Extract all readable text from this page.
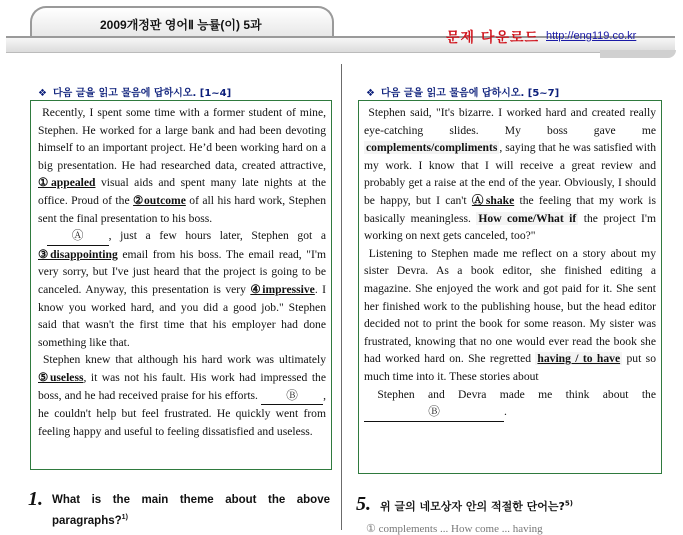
2009개정판 영어Ⅱ 능률(이) 5과
문제 다운로드 http://eng119.co.kr
❖ 다음 글을 읽고 물음에 답하시오. [1~4]

Recently, I spent some time with a former student of mine, Stephen. He worked for a large bank and had been devoting himself to an important project. He’d been working hard on a big presentation. He had researched data, created attractive, ①appealed visual aids and spent many late nights at the office. Proud of the ②outcome of all his hard work, Stephen sent the final presentation to his boss.
Ⓐ , just a few hours later, Stephen got a ③disappointing email from his boss. The email read, "I'm very sorry, but I've just heard that the project is going to be canceled. Anyway, this presentation is very ④impressive. I know you worked hard, and you did a good job." Stephen said that wasn't the first time that his employer had done something like that.
Stephen knew that although his hard work was ultimately ⑤useless, it was not his fault. His work had impressed the boss, and he had received praise for his efforts. Ⓑ , he couldn't help but feel frustrated. He quickly went from feeling happy and useful to feeling dissatisfied and useless.

❖ 다음 글을 읽고 물음에 답하시오. [5~7]

Stephen said, "It's bizarre. I worked hard and created really eye-catching slides. My boss gave me complements/compliments , saying that he was satisfied with my work. I know that I will receive a great review and probably get a raise at the end of the year. Obviously, I should be happy, but I can't Ⓐshake the feeling that my work is basically meaningless. How come/What if the project I'm working on next gets canceled, too?"
Listening to Stephen made me reflect on a story about my sister Devra. As a book editor, she finished editing a magazine. She enjoyed the work and got paid for it. She sent her finished work to the publishing house, but the head editor decided not to print the book for some reason. My sister was frustrated, knowing that no one would ever read the book she had worked hard on. She regretted having / to have put so much time into it. These stories about
Stephen and Devra made me think about the Ⓑ	.

1. What is the main theme about the above paragraphs?$^{1)}$
5. 위 글의 네모상자 안의 적절한 단어는?$^{5)}$
① complements ... How come ... having
